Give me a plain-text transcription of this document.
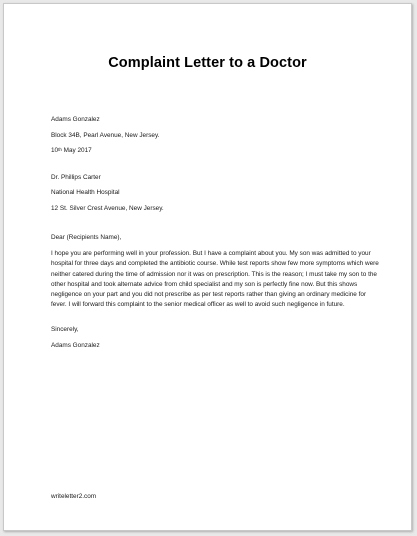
Complaint Letter to a Doctor
Adams Gonzalez
Block 34B, Pearl Avenue, New Jersey.
10th May 2017
Dr. Phillips Carter
National Health Hospital
12 St. Silver Crest Avenue, New Jersey.
Dear (Recipients Name),
I hope you are performing well in your profession. But I have a complaint about you. My son was admitted to your hospital for three days and completed the antibiotic course. While test reports show few more symptoms which were neither catered during the time of admission nor it was on prescription. This is the reason; I must take my son to the other hospital and took alternate advice from child specialist and my son is perfectly fine now. But this shows negligence on your part and you did not prescribe as per test reports rather than giving an ordinary medicine for fever. I will forward this complaint to the senior medical officer as well to avoid such negligence in future.
Sincerely,
Adams Gonzalez
writeletter2.com
